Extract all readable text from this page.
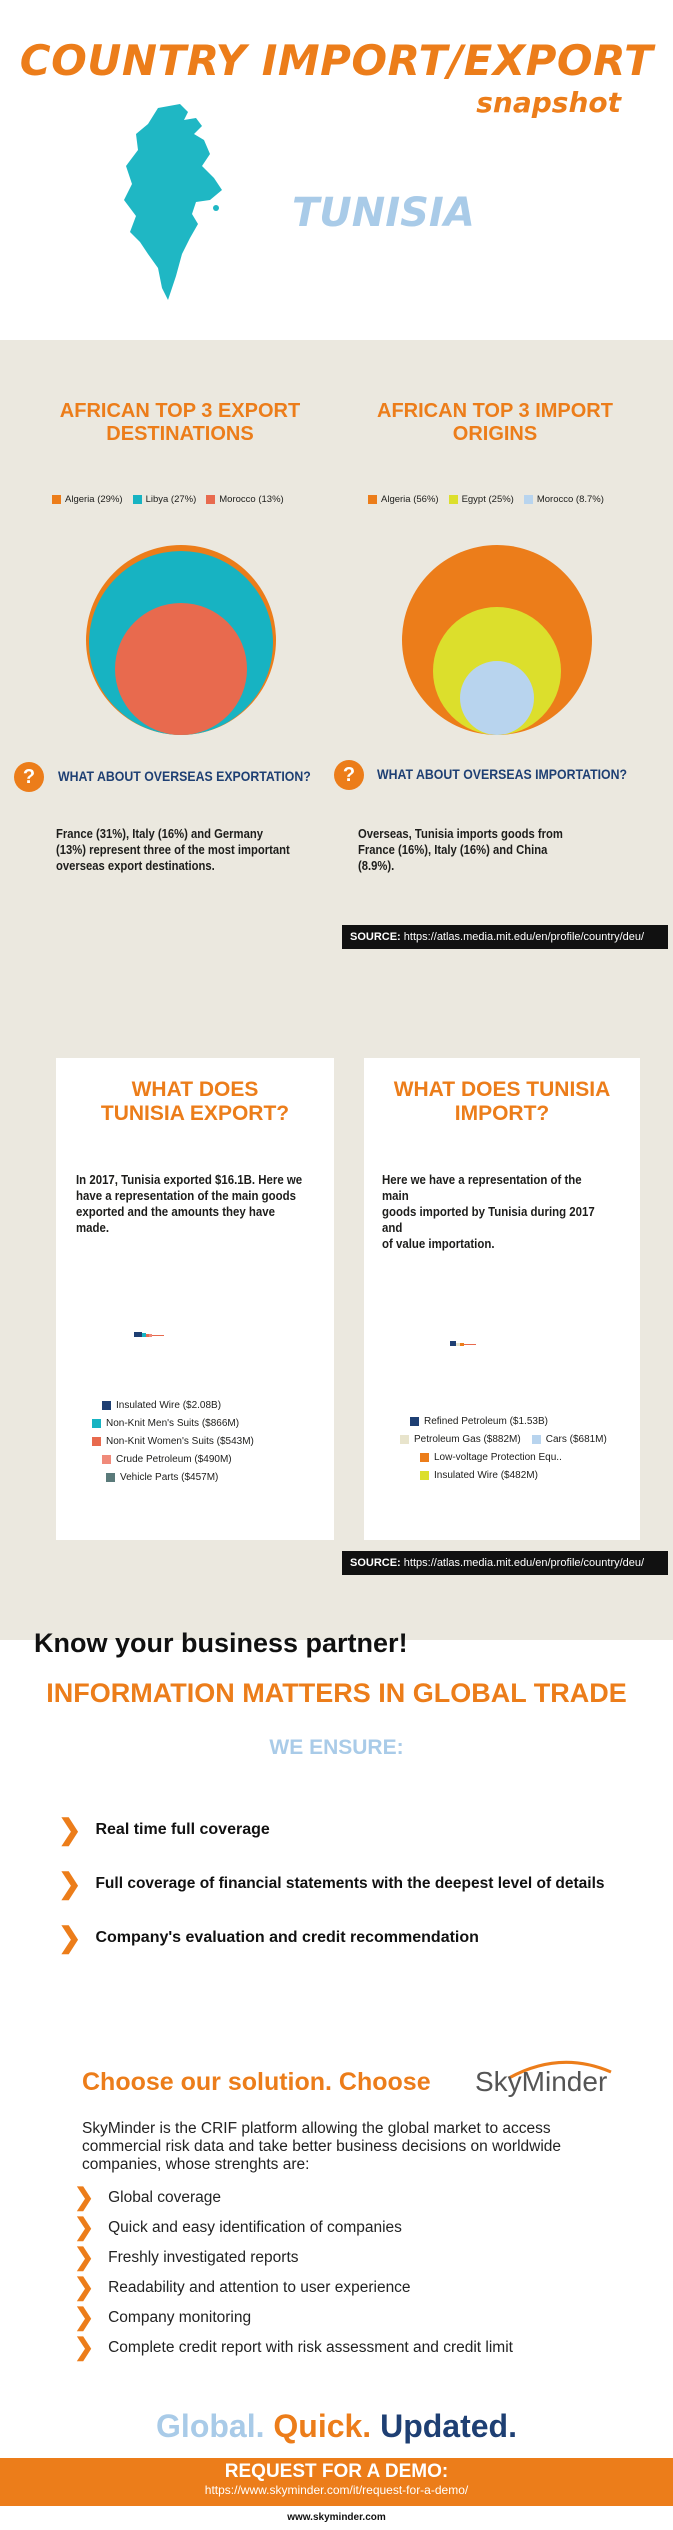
COUNTRY IMPORT/EXPORT
snapshot
TUNISIA
AFRICAN TOP 3 EXPORT
DESTINATIONS
AFRICAN TOP 3 IMPORT
ORIGINS
Algeria (29%) Libya (27%) Morocco (13%)	Algeria (56%) Egypt (25%) Morocco (8.7%)
?	WHAT ABOUT OVERSEAS EXPORTATION?	?	WHAT ABOUT OVERSEAS IMPORTATION?
France (31%), Italy (16%) and Germany
(13%) represent three of the most important
overseas export destinations.
Overseas, Tunisia imports goods from
France (16%), Italy (16%) and China
(8.9%).
SOURCE: https://atlas.media.mit.edu/en/profile/country/deu/
WHAT DOES
TUNISIA EXPORT?
In 2017, Tunisia exported $16.1B. Here we
have a representation of the main goods
exported and the amounts they have made.
Insulated Wire ($2.08B)
Non-Knit Men's Suits ($866M)
Non-Knit Women's Suits ($543M)
Crude Petroleum ($490M)
Vehicle Parts ($457M)
WHAT DOES TUNISIA
IMPORT?
Here we have a representation of the main
goods imported by Tunisia during 2017 and
of value importation.
Refined Petroleum ($1.53B)
Petroleum Gas ($882M)	Cars ($681M)
Low-voltage Protection Equ..
Insulated Wire ($482M)
SOURCE: https://atlas.media.mit.edu/en/profile/country/deu/
Know your business partner!
INFORMATION MATTERS IN GLOBAL TRADE
WE ENSURE:
❯ Real time full coverage
❯ Full coverage of financial statements with the deepest level of details
❯ Company's evaluation and credit recommendation
Choose our solution. Choose SkyMinder
SkyMinder is the CRIF platform allowing the global market to access commercial risk data and take better business decisions on worldwide companies, whose strenghts are:
❯ Global coverage
❯ Quick and easy identification of companies
❯ Freshly investigated reports
❯ Readability and attention to user experience
❯ Company monitoring
❯ Complete credit report with risk assessment and credit limit
Global. Quick. Updated.
REQUEST FOR A DEMO:
https://www.skyminder.com/it/request-for-a-demo/
www.skyminder.com
